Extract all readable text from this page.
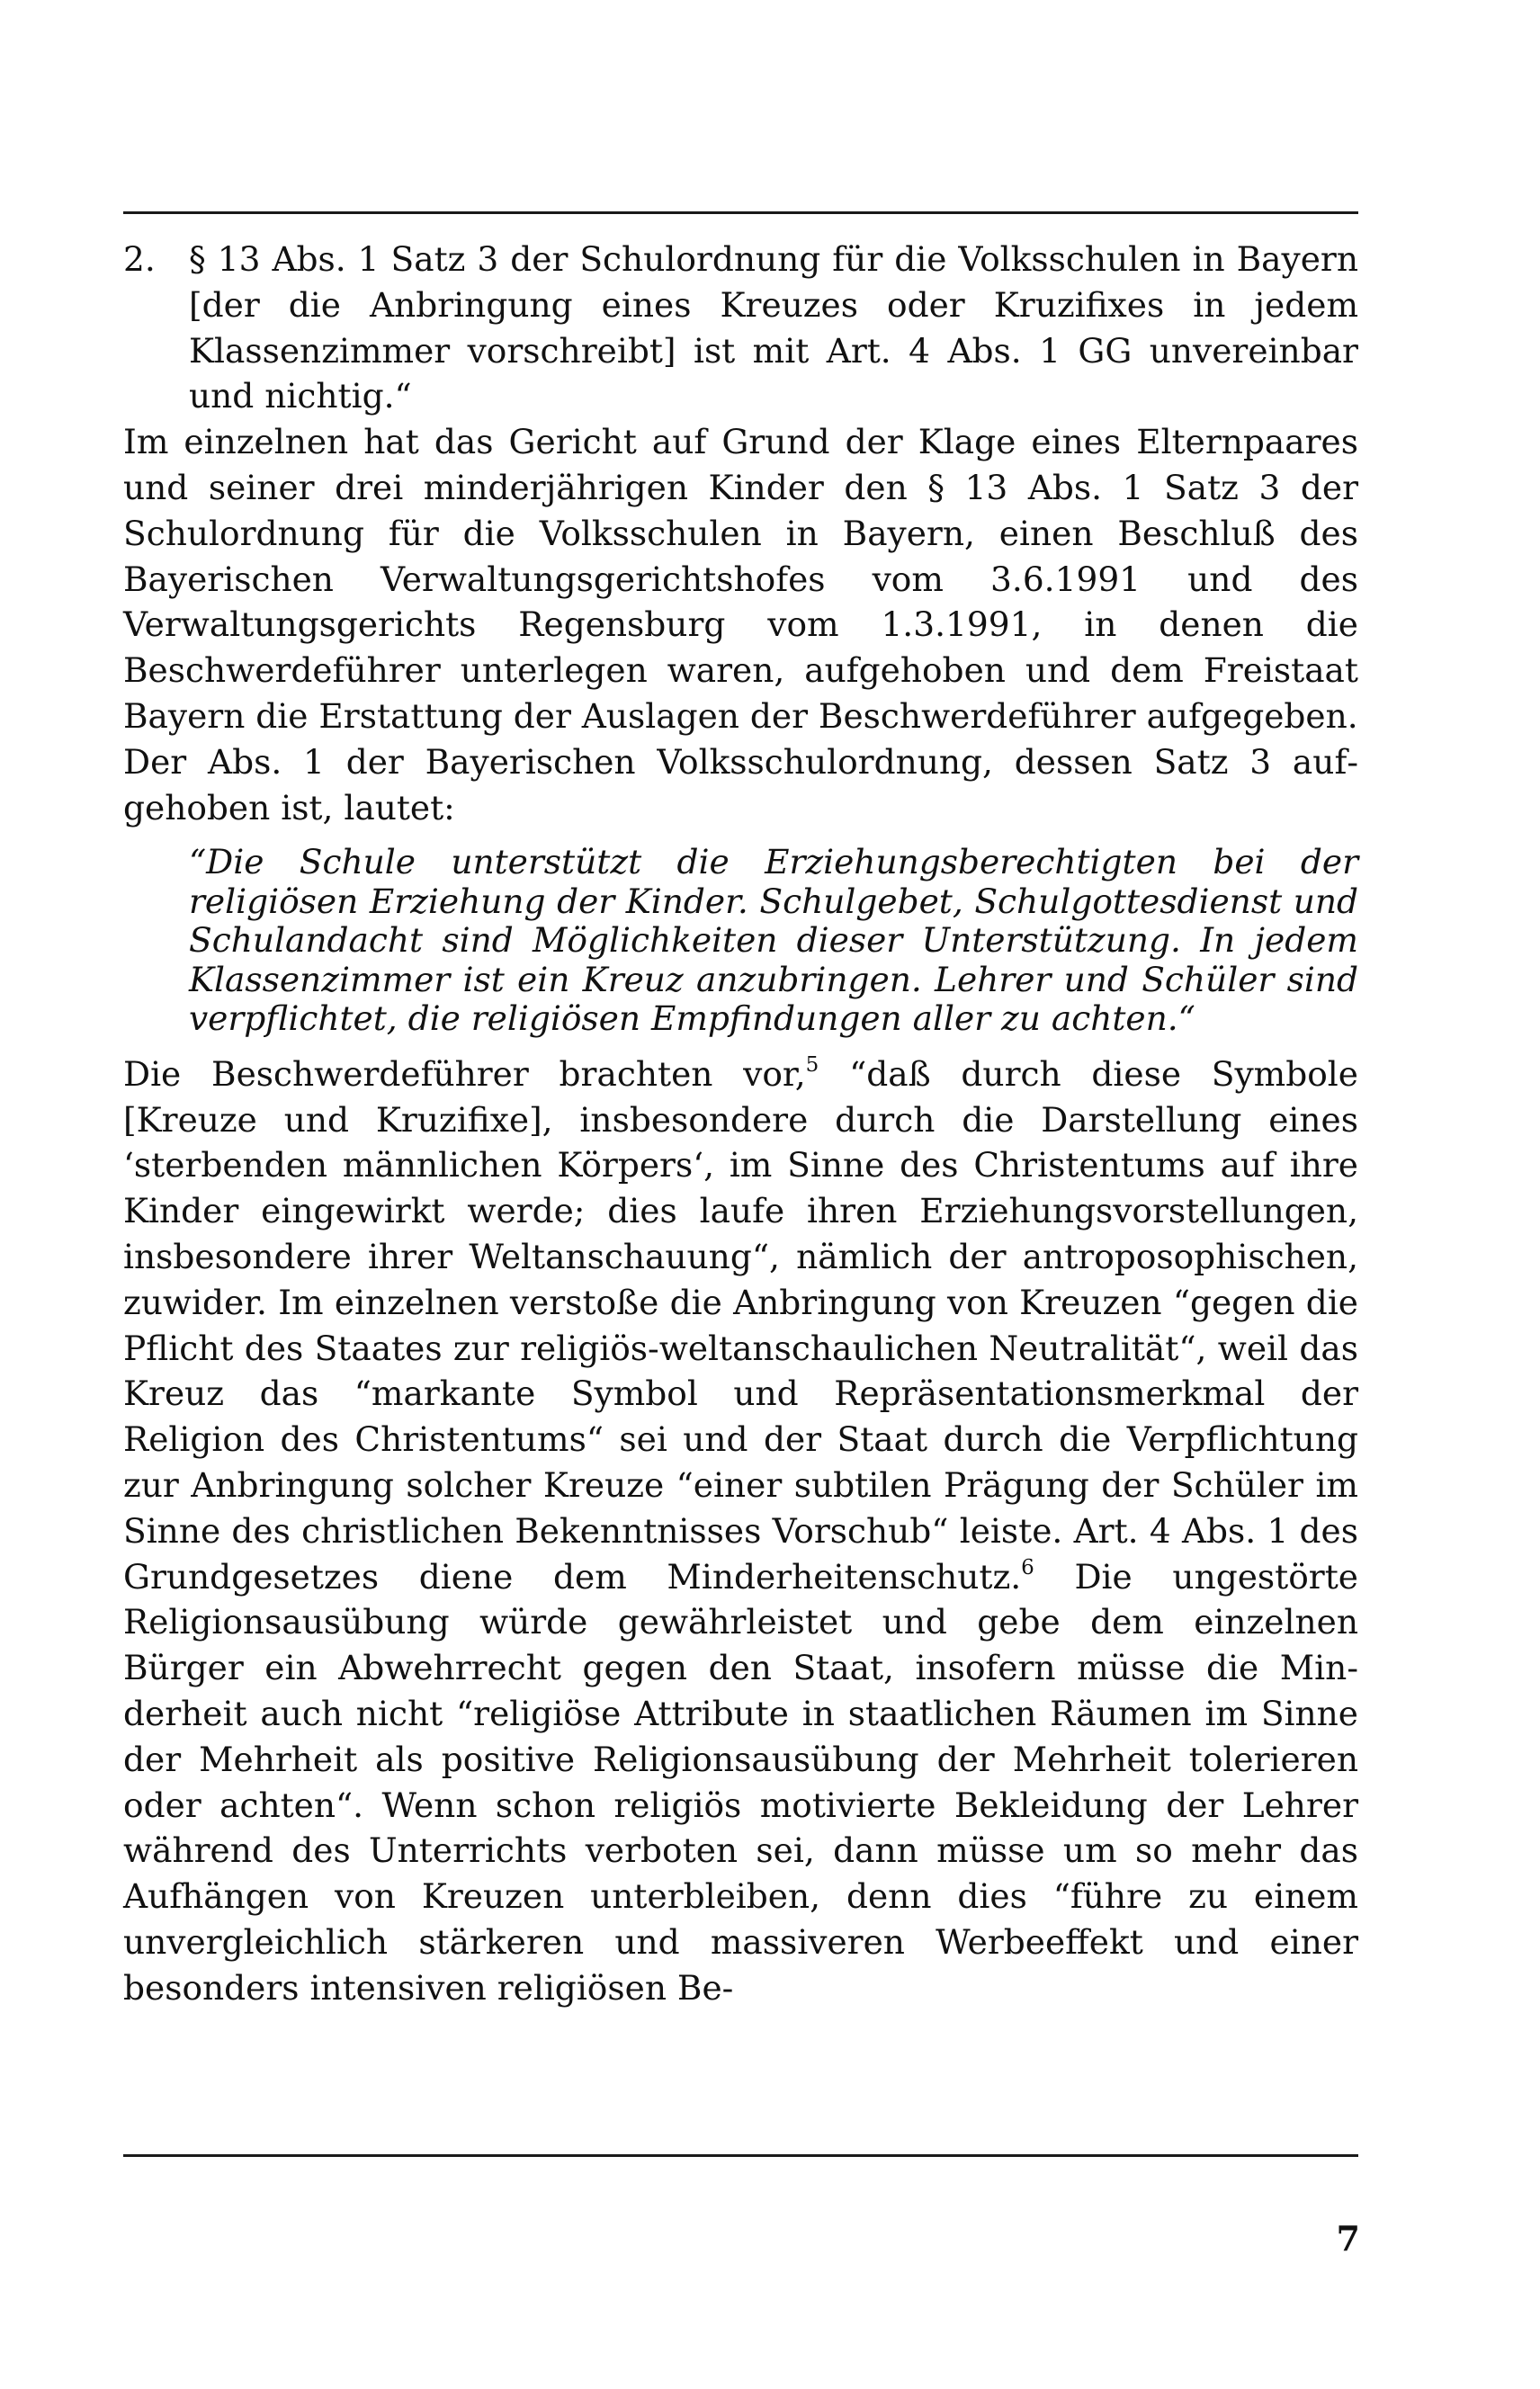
2. § 13 Abs. 1 Satz 3 der Schulordnung für die Volksschulen in Bayern [der die Anbringung eines Kreuzes oder Kruzifixes in jedem Klassenzimmer vorschreibt] ist mit Art. 4 Abs. 1 GG unvereinbar und nichtig.“

Im einzelnen hat das Gericht auf Grund der Klage eines Elternpaares und seiner drei minderjährigen Kinder den § 13 Abs. 1 Satz 3 der Schulordnung für die Volksschulen in Bayern, einen Beschluß des Bayerischen Verwaltungsgerichtshofes vom 3.6.1991 und des Verwaltungsgerichts Regensburg vom 1.3.1991, in denen die Beschwerdeführer unterlegen waren, aufgehoben und dem Freistaat Bayern die Erstattung der Auslagen der Beschwerdeführer aufgegeben.

Der Abs. 1 der Bayerischen Volksschulordnung, dessen Satz 3 aufgehoben ist, lautet:

“Die Schule unterstützt die Erziehungsberechtigten bei der religiösen Erziehung der Kinder. Schulgebet, Schulgottesdienst und Schulandacht sind Möglichkeiten dieser Unterstützung. In jedem Klassenzimmer ist ein Kreuz anzubringen. Lehrer und Schüler sind verpflichtet, die religiösen Empfindungen aller zu achten.“

Die Beschwerdeführer brachten vor,$^5$ “daß durch diese Symbole [Kreuze und Kruzifixe], insbesondere durch die Darstellung eines ‘sterbenden männlichen Körpers‘, im Sinne des Christentums auf ihre Kinder eingewirkt werde; dies laufe ihren Erziehungsvorstellungen, insbesondere ihrer Weltanschauung“, nämlich der antroposophischen, zuwider. Im einzelnen verstoße die Anbringung von Kreuzen “gegen die Pflicht des Staates zur religiös-weltanschaulichen Neutralität“, weil das Kreuz das “markante Symbol und Repräsentationsmerkmal der Religion des Christentums“ sei und der Staat durch die Verpflichtung zur Anbringung solcher Kreuze “einer subtilen Prägung der Schüler im Sinne des christlichen Bekenntnisses Vorschub“ leiste. Art. 4 Abs. 1 des Grundgesetzes diene dem Minderheitenschutz.$^6$ Die ungestörte Religionsausübung würde gewährleistet und gebe dem einzelnen Bürger ein Abwehrrecht gegen den Staat, insofern müsse die Minderheit auch nicht “religiöse Attribute in staatlichen Räumen im Sinne der Mehrheit als positive Religionsausübung der Mehrheit tolerieren oder achten“. Wenn schon religiös motivierte Bekleidung der Lehrer während des Unterrichts verboten sei, dann müsse um so mehr das Aufhängen von Kreuzen unterbleiben, denn dies “führe zu einem unvergleichlich stärkeren und massiveren Werbeeffekt und einer besonders intensiven religiösen Be-

7
